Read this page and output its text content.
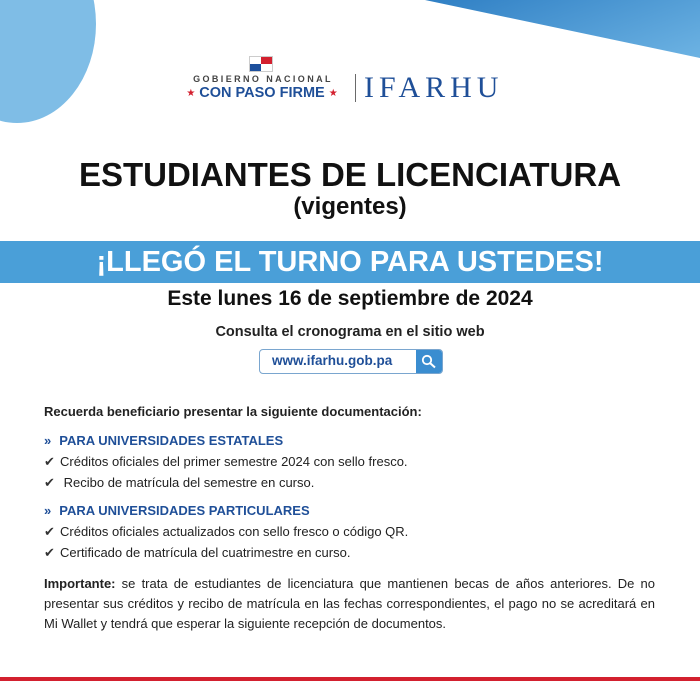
GOBIERNO NACIONAL
★ CON PASO FIRME ★ IFARHU
ESTUDIANTES DE LICENCIATURA
(vigentes)
¡LLEGÓ EL TURNO PARA USTEDES!
Este lunes 16 de septiembre de 2024
Consulta el cronograma en el sitio web
www.ifarhu.gob.pa
Recuerda beneficiario presentar la siguiente documentación:
» PARA UNIVERSIDADES ESTATALES
✔ Créditos oficiales del primer semestre 2024 con sello fresco.
✔ Recibo de matrícula del semestre en curso.
» PARA UNIVERSIDADES PARTICULARES
✔ Créditos oficiales actualizados con sello fresco o código QR.
✔ Certificado de matrícula del cuatrimestre en curso.
Importante: se trata de estudiantes de licenciatura que mantienen becas de años anteriores. De no presentar sus créditos y recibo de matrícula en las fechas correspondientes, el pago no se acreditará en Mi Wallet y tendrá que esperar la siguiente recepción de documentos.
